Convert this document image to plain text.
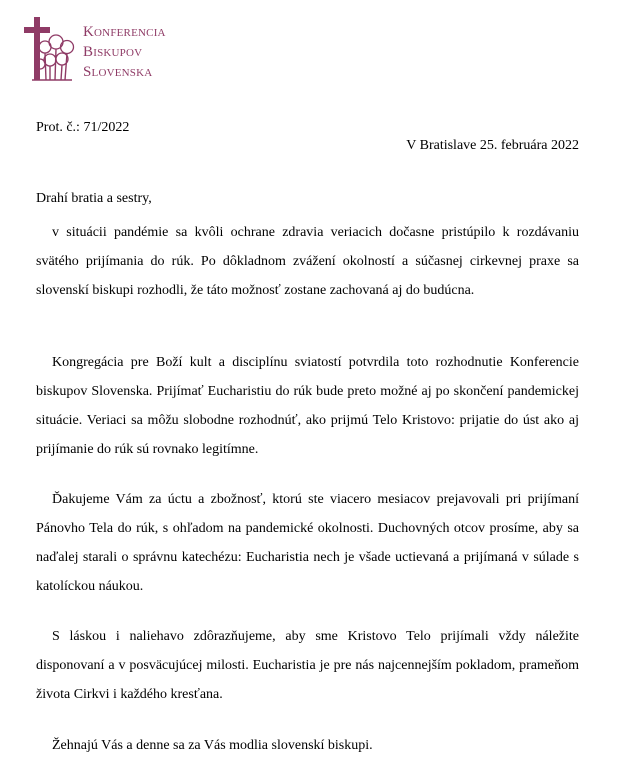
Konferencia
Biskupov
Slovenska
Prot. č.: 71/2022
V Bratislave 25. februára 2022
Drahí bratia a sestry,

v situácii pandémie sa kvôli ochrane zdravia veriacich dočasne pristúpilo k rozdávaniu svätého prijímania do rúk. Po dôkladnom zvážení okolností a súčasnej cirkevnej praxe sa slovenskí biskupi rozhodli, že táto možnosť zostane zachovaná aj do budúcna.

Kongregácia pre Boží kult a disciplínu sviatostí potvrdila toto rozhodnutie Konferencie biskupov Slovenska. Prijímať Eucharistiu do rúk bude preto možné aj po skončení pandemickej situácie. Veriaci sa môžu slobodne rozhodnúť, ako prijmú Telo Kristovo: prijatie do úst ako aj prijímanie do rúk sú rovnako legitímne.

Ďakujeme Vám za úctu a zbožnosť, ktorú ste viacero mesiacov prejavovali pri prijímaní Pánovho Tela do rúk, s ohľadom na pandemické okolnosti. Duchovných otcov prosíme, aby sa naďalej starali o správnu katechézu: Eucharistia nech je všade uctievaná a prijímaná v súlade s katolíckou náukou.

S láskou i naliehavo zdôrazňujeme, aby sme Kristovo Telo prijímali vždy náležite disponovaní a v posväcujúcej milosti. Eucharistia je pre nás najcennejším pokladom, prameňom života Cirkvi i každého kresťana.

Žehnajú Vás a denne sa za Vás modlia slovenskí biskupi.
